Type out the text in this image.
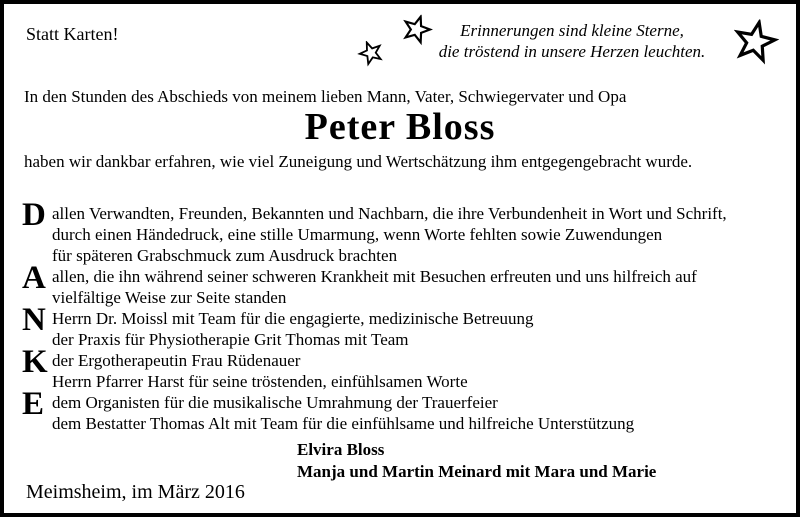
Statt Karten!	Erinnerungen sind kleine Sterne,
die tröstend in unsere Herzen leuchten.
In den Stunden des Abschieds von meinem lieben Mann, Vater, Schwiegervater und Opa
Peter Bloss
haben wir dankbar erfahren, wie viel Zuneigung und Wertschätzung ihm entgegengebracht wurde.
D allen Verwandten, Freunden, Bekannten und Nachbarn, die ihre Verbundenheit in Wort und Schrift,
durch einen Händedruck, eine stille Umarmung, wenn Worte fehlten sowie Zuwendungen
für späteren Grabschmuck zum Ausdruck brachten
A allen, die ihn während seiner schweren Krankheit mit Besuchen erfreuten und uns hilfreich auf
vielfältige Weise zur Seite standen
N Herrn Dr. Moissl mit Team für die engagierte, medizinische Betreuung
der Praxis für Physiotherapie Grit Thomas mit Team
K der Ergotherapeutin Frau Rüdenauer
Herrn Pfarrer Harst für seine tröstenden, einfühlsamen Worte
E dem Organisten für die musikalische Umrahmung der Trauerfeier
dem Bestatter Thomas Alt mit Team für die einfühlsame und hilfreiche Unterstützung
Elvira Bloss
Manja und Martin Meinard mit Mara und Marie
Meimsheim, im März 2016
